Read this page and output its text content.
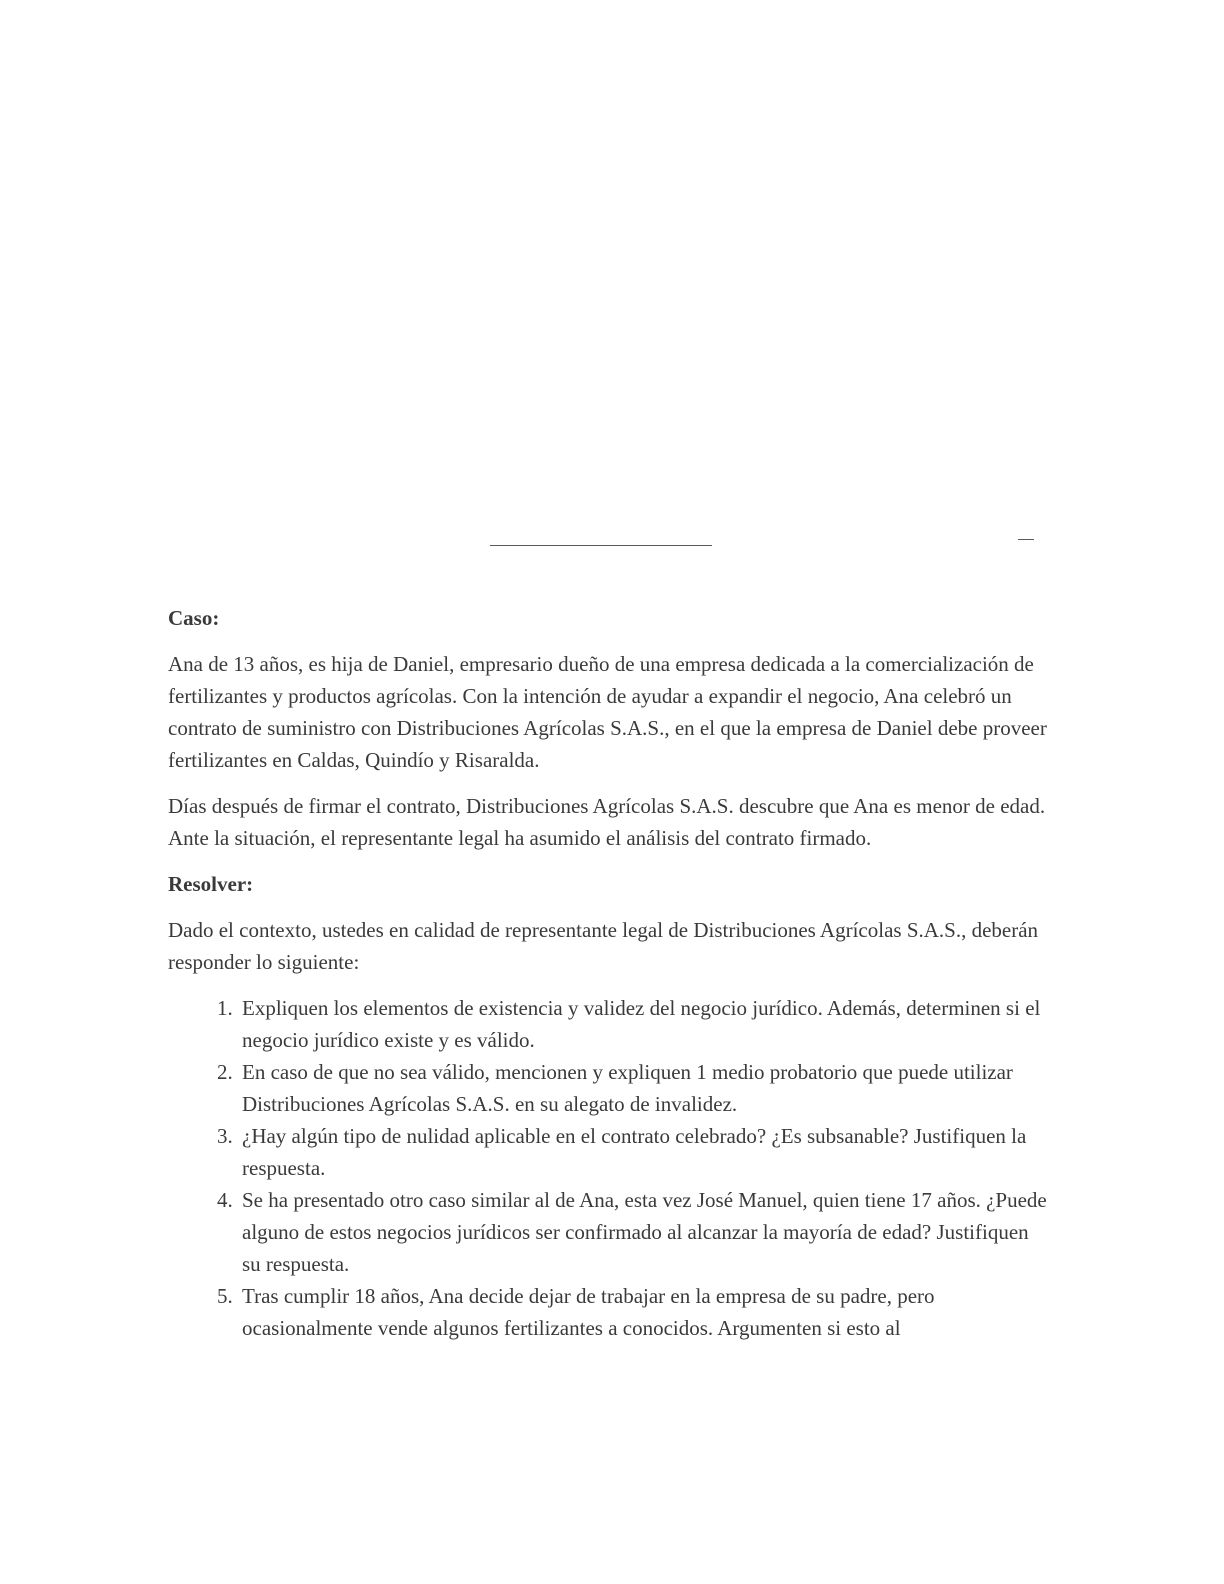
Caso:

Ana de 13 años, es hija de Daniel, empresario dueño de una empresa dedicada a la comercialización de fertilizantes y productos agrícolas. Con la intención de ayudar a expandir el negocio, Ana celebró un contrato de suministro con Distribuciones Agrícolas S.A.S., en el que la empresa de Daniel debe proveer fertilizantes en Caldas, Quindío y Risaralda.

Días después de firmar el contrato, Distribuciones Agrícolas S.A.S. descubre que Ana es menor de edad. Ante la situación, el representante legal ha asumido el análisis del contrato firmado.

Resolver:

Dado el contexto, ustedes en calidad de representante legal de Distribuciones Agrícolas S.A.S., deberán responder lo siguiente:

1. Expliquen los elementos de existencia y validez del negocio jurídico. Además, determinen si el negocio jurídico existe y es válido.
2. En caso de que no sea válido, mencionen y expliquen 1 medio probatorio que puede utilizar Distribuciones Agrícolas S.A.S. en su alegato de invalidez.
3. ¿Hay algún tipo de nulidad aplicable en el contrato celebrado? ¿Es subsanable? Justifiquen la respuesta.
4. Se ha presentado otro caso similar al de Ana, esta vez José Manuel, quien tiene 17 años. ¿Puede alguno de estos negocios jurídicos ser confirmado al alcanzar la mayoría de edad? Justifiquen su respuesta.
5. Tras cumplir 18 años, Ana decide dejar de trabajar en la empresa de su padre, pero ocasionalmente vende algunos fertilizantes a conocidos. Argumenten si esto al
